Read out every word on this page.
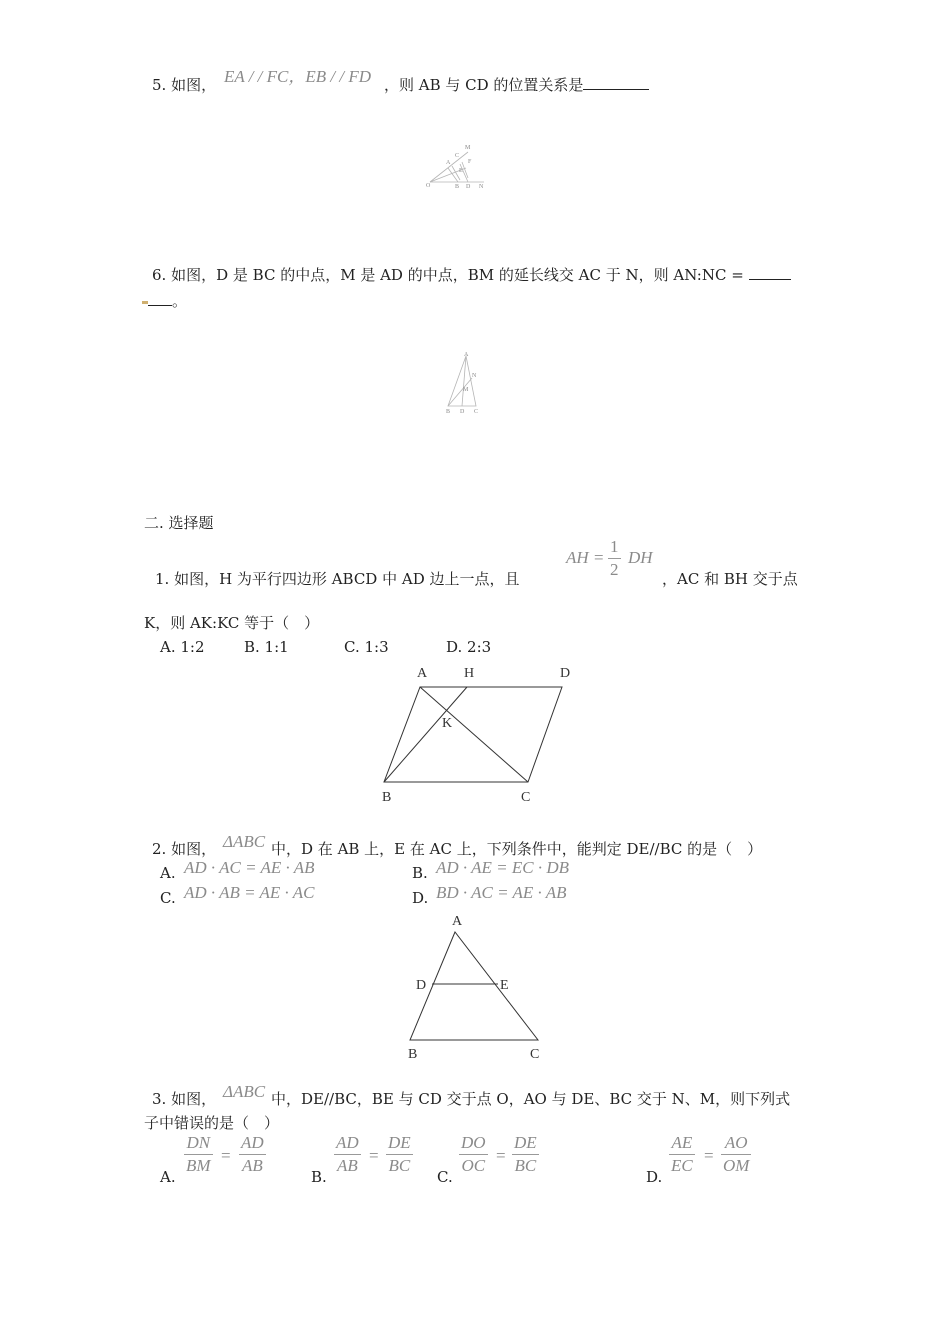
5. 如图， EA / / FC，EB / / FD ，则 AB 与 CD 的位置关系是
M
C
F
A
E
O	B D N
6. 如图，D 是 BC 的中点，M 是 AD 的中点，BM 的延长线交 AC 于 N，则 AN:NC =
。
A
N
M
B D C
二. 选择题
1. 如图，H 为平行四边形 ABCD 中 AD 边上一点，且
AH =
1
2
DH
，AC 和 BH 交于点
K，则 AK:KC 等于（　）
A. 1:2	B. 1:1	C. 1:3	D. 2:3
A	H	D
K
B	C
2. 如图， ΔABC 中，D 在 AB 上，E 在 AC 上，下列条件中，能判定 DE//BC 的是（　）
A. AD · AC = AE · AB	B. AD · AE = EC · DB
C. AD · AB = AE · AC	D. BD · AC = AE · AB
A
D	E
B	C
3. 如图， ΔABC 中，DE//BC，BE 与 CD 交于点 O，AO 与 DE、BC 交于 N、M，则下列式
子中错误的是（　）
A.
DN
BM
=
AD
AB
B.
AD
AB
=
DE
BC
C.
DO
OC
=
DE
BC
D.
AE
EC
=
AO
OM
